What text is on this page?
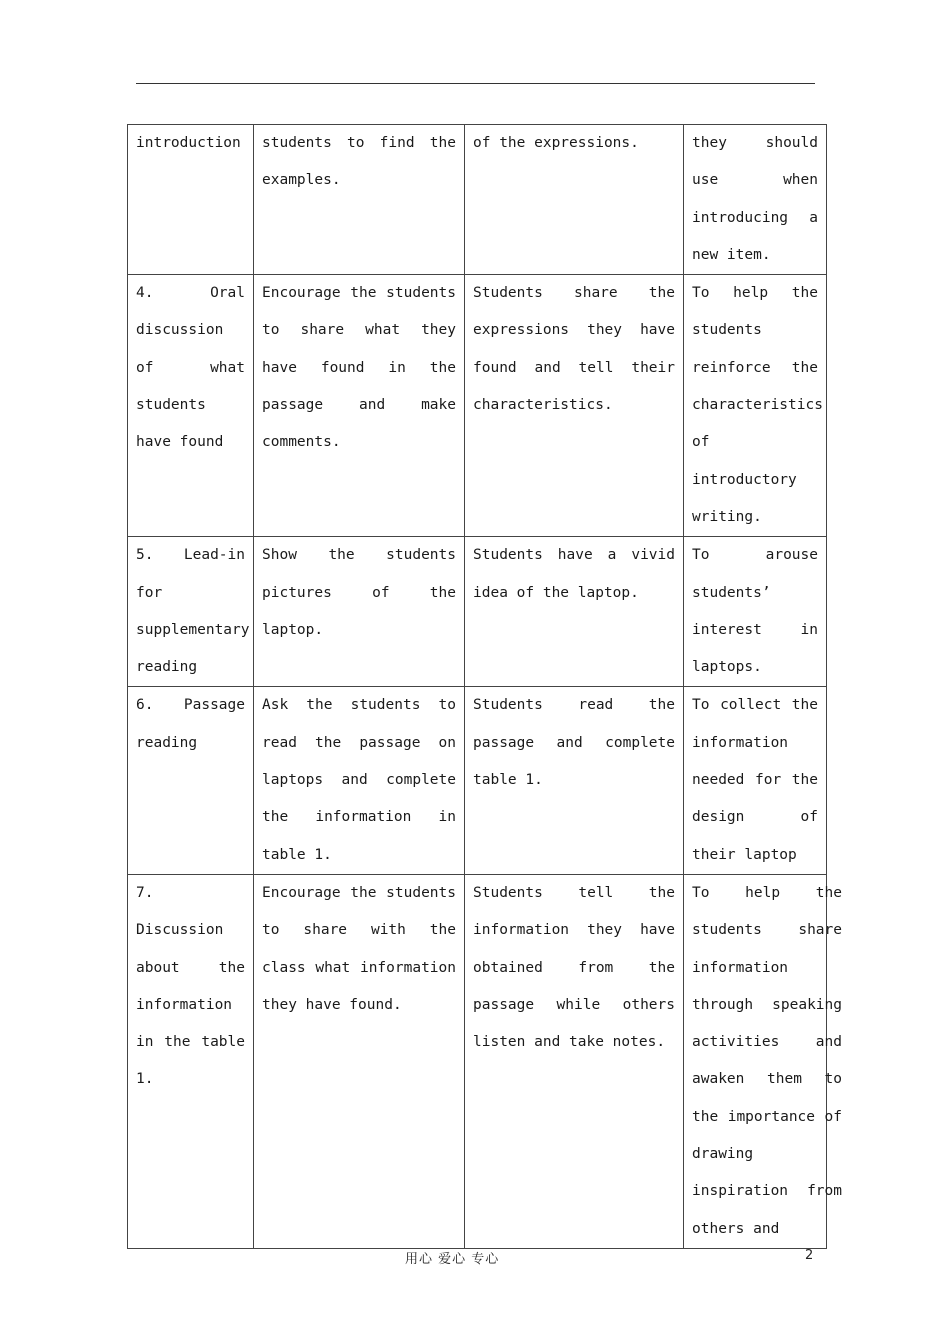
introduction	students to find the examples.	of the expressions.	they should use when introducing a new item.

4. Oral discussion of what students have found	Encourage the students to share what they have found in the passage and make comments.	Students share the expressions they have found and tell their characteristics.	To help the students reinforce the characteristics of introductory writing.

5. Lead-in for supplementary reading	Show the students pictures of the laptop.	Students have a vivid idea of the laptop.	To arouse students’ interest in laptops.

6. Passage reading	Ask the students to read the passage on laptops and complete the information in table 1.	Students read the passage and complete table 1.	To collect the information needed for the design of their laptop

7. Discussion about the information in the table 1.	Encourage the students to share with the class what information they have found.	Students tell the information they have obtained from the passage while others listen and take notes.	To help the students share information through speaking activities and awaken them to the importance of drawing inspiration from others and
用心 爱心 专心	2
